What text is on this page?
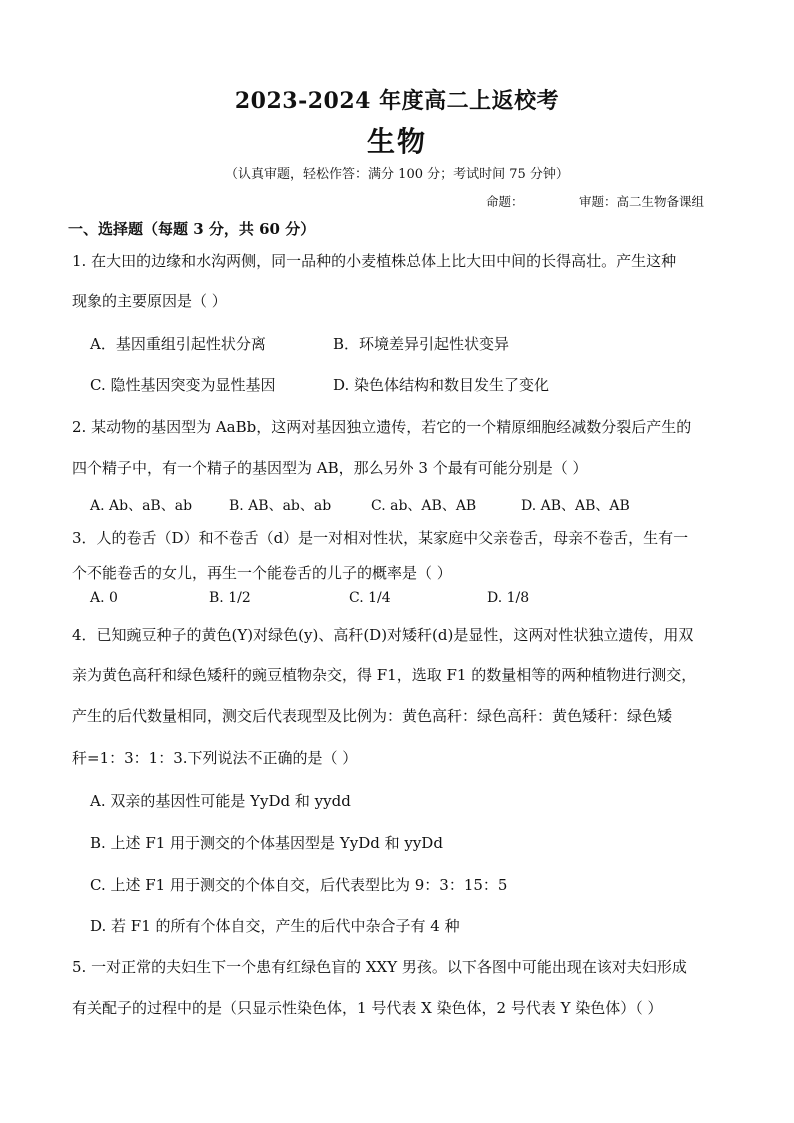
2023-2024 年度高二上返校考
生物
（认真审题，轻松作答：满分 100 分；考试时间 75 分钟）
命题：	审题：高二生物备课组
一、选择题（每题 3 分，共 60 分）
1. 在大田的边缘和水沟两侧，同一品种的小麦植株总体上比大田中间的长得高壮。产生这种
现象的主要原因是（ ）
A．基因重组引起性状分离	B．环境差异引起性状变异
C. 隐性基因突变为显性基因	D. 染色体结构和数目发生了变化
2. 某动物的基因型为 AaBb，这两对基因独立遗传，若它的一个精原细胞经减数分裂后产生的
四个精子中，有一个精子的基因型为 AB，那么另外 3 个最有可能分别是（ ）
A. Ab、aB、ab	B. AB、ab、ab	C. ab、AB、AB	D. AB、AB、AB
3．人的卷舌（D）和不卷舌（d）是一对相对性状，某家庭中父亲卷舌，母亲不卷舌，生有一
个不能卷舌的女儿，再生一个能卷舌的儿子的概率是（ ）
A. 0	B. 1/2	C. 1/4	D. 1/8
4．已知豌豆种子的黄色(Y)对绿色(y)、高秆(D)对矮秆(d)是显性，这两对性状独立遗传，用双
亲为黄色高秆和绿色矮秆的豌豆植物杂交，得 F1，选取 F1 的数量相等的两种植物进行测交，
产生的后代数量相同，测交后代表现型及比例为：黄色高秆：绿色高秆：黄色矮秆：绿色矮
秆=1：3：1：3.下列说法不正确的是（ ）
A. 双亲的基因性可能是 YyDd 和 yydd
B. 上述 F1 用于测交的个体基因型是 YyDd 和 yyDd
C. 上述 F1 用于测交的个体自交，后代表型比为 9：3：15：5
D. 若 F1 的所有个体自交，产生的后代中杂合子有 4 种
5. 一对正常的夫妇生下一个患有红绿色盲的 XXY 男孩。以下各图中可能出现在该对夫妇形成
有关配子的过程中的是（只显示性染色体，1 号代表 X 染色体，2 号代表 Y 染色体）（ ）
